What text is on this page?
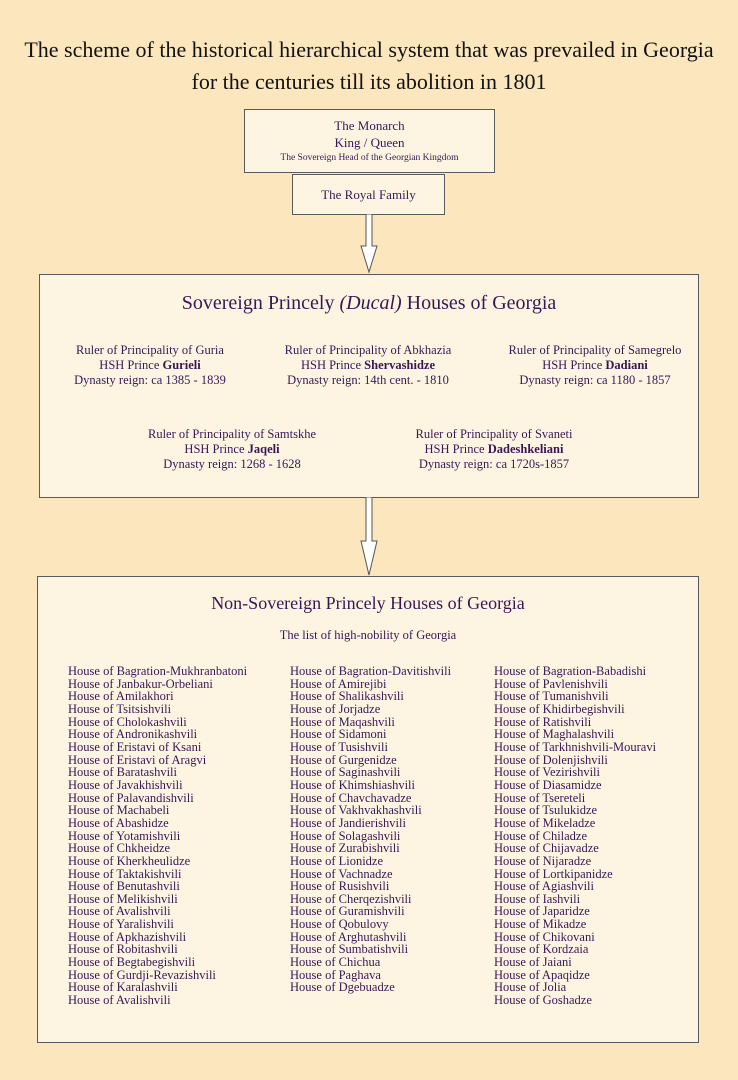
The scheme of the historical hierarchical system that was prevailed in Georgia
for the centuries till its abolition in 1801
The Monarch
King / Queen
The Sovereign Head of the Georgian Kingdom
The Royal Family
Sovereign Princely (Ducal) Houses of Georgia
Ruler of Principality of Guria
HSH Prince Gurieli
Dynasty reign: ca 1385 - 1839
Ruler of Principality of Abkhazia
HSH Prince Shervashidze
Dynasty reign: 14th cent. - 1810
Ruler of Principality of Samegrelo
HSH Prince Dadiani
Dynasty reign: ca 1180 - 1857
Ruler of Principality of Samtskhe
HSH Prince Jaqeli
Dynasty reign: 1268 - 1628
Ruler of Principality of Svaneti
HSH Prince Dadeshkeliani
Dynasty reign: ca 1720s-1857
Non-Sovereign Princely Houses of Georgia
The list of high-nobility of Georgia
House of Bagration-Mukhranbatoni
House of Janbakur-Orbeliani
House of Amilakhori
House of Tsitsishvili
House of Cholokashvili
House of Andronikashvili
House of Eristavi of Ksani
House of Eristavi of Aragvi
House of Baratashvili
House of Javakhishvili
House of Palavandishvili
House of Machabeli
House of Abashidze
House of Yotamishvili
House of Chkheidze
House of Kherkheulidze
House of Taktakishvili
House of Benutashvili
House of Melikishvili
House of Avalishvili
House of Yaralishvili
House of Apkhazishvili
House of Robitashvili
House of Begtabegishvili
House of Gurdji-Revazishvili
House of Karalashvili
House of Avalishvili
House of Bagration-Davitishvili
House of Amirejibi
House of Shalikashvili
House of Jorjadze
House of Maqashvili
House of Sidamoni
House of Tusishvili
House of Gurgenidze
House of Saginashvili
House of Khimshiashvili
House of Chavchavadze
House of Vakhvakhashvili
House of Jandierishvili
House of Solagashvili
House of Zurabishvili
House of Lionidze
House of Vachnadze
House of Rusishvili
House of Cherqezishvili
House of Guramishvili
House of Qobulovy
House of Arghutashvili
House of Sumbatishvili
House of Chichua
House of Paghava
House of Dgebuadze
House of Bagration-Babadishi
House of Pavlenishvili
House of Tumanishvili
House of Khidirbegishvili
House of Ratishvili
House of Maghalashvili
House of Tarkhnishvili-Mouravi
House of Dolenjishvili
House of Vezirishvili
House of Diasamidze
House of Tsereteli
House of Tsulukidze
House of Mikeladze
House of Chiladze
House of Chijavadze
House of Nijaradze
House of Lortkipanidze
House of Agiashvili
House of Iashvili
House of Japaridze
House of Mikadze
House of Chikovani
House of Kordzaia
House of Jaiani
House of Apaqidze
House of Jolia
House of Goshadze
